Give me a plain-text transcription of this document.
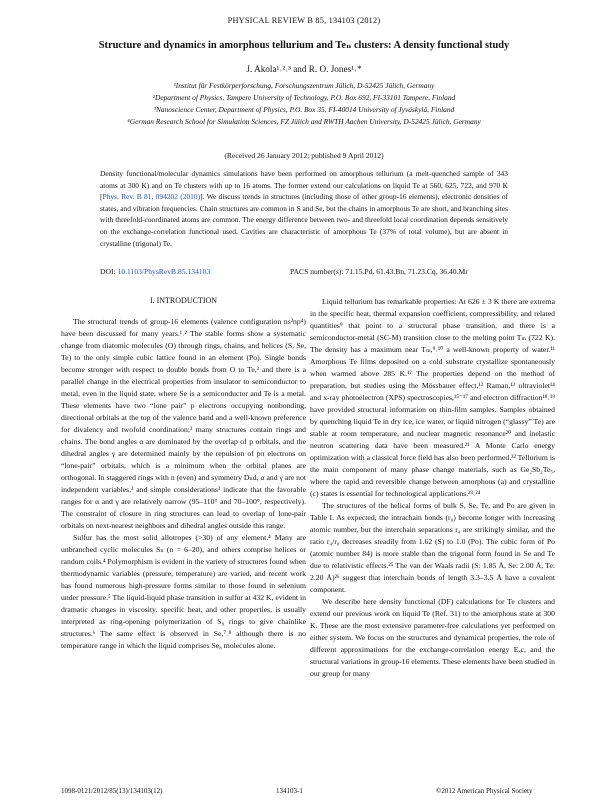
PHYSICAL REVIEW B 85, 134103 (2012)
Structure and dynamics in amorphous tellurium and Teₙ clusters: A density functional study
J. Akola¹˒²˒³ and R. O. Jones¹˒*
¹Institut für Festkörperforschung, Forschungszentrum Jülich, D-52425 Jülich, Germany
²Department of Physics, Tampere University of Technology, P.O. Box 692, FI-33101 Tampere, Finland
³Nanoscience Center, Department of Physics, P.O. Box 35, FI-40014 University of Jyväskylä, Finland
⁴German Research School for Simulation Sciences, FZ Jülich and RWTH Aachen University, D-52425 Jülich, Germany
(Received 26 January 2012; published 9 April 2012)
Density functional/molecular dynamics simulations have been performed on amorphous tellurium (a melt-quenched sample of 343 atoms at 300 K) and on Te clusters with up to 16 atoms. The former extend our calculations on liquid Te at 560, 625, 722, and 970 K [Phys. Rev. B 81, 094202 (2010)]. We discuss trends in structures (including those of other group-16 elements), electronic densities of states, and vibration frequencies. Chain structures are common in S and Se, but the chains in amorphous Te are short, and branching sites with threefold-coordinated atoms are common. The energy difference between two- and threefold local coordination depends sensitively on the exchange-correlation functional used. Cavities are characteristic of amorphous Te (37% of total volume), but are absent in crystalline (trigonal) Te.
DOI: 10.1103/PhysRevB.85.134103	PACS number(s): 71.15.Pd, 61.43.Bn, 71.23.Cq, 36.40.Mr
I. INTRODUCTION

The structural trends of group-16 elements (valence configuration ns²np⁴) have been discussed for many years.¹˒² The stable forms show a systematic change from diatomic molecules (O) through rings, chains, and helices (S, Se, Te) to the only simple cubic lattice found in an element (Po). Single bonds become stronger with respect to double bonds from O to Te,² and there is a parallel change in the electrical properties from insulator to semiconductor to metal, even in the liquid state, where Se is a semiconductor and Te is a metal. These elements have two “lone pair” p electrons occupying nonbonding, directional orbitals at the top of the valence band and a well-known preference for divalency and twofold coordination;³ many structures contain rings and chains. The bond angles α are dominated by the overlap of p orbitals, and the dihedral angles γ are determined mainly by the repulsion of pπ electrons on “lone-pair” orbitals, which is a minimum when the orbital planes are orthogonal. In staggered rings with n (even) and symmetry Dₙd, α and γ are not independent variables,³ and simple considerations³ indicate that the favorable ranges for α and γ are relatively narrow (95–110° and 70–100°, respectively). The constraint of closure in ring structures can lead to overlap of lone-pair orbitals on next-nearest neighbors and dihedral angles outside this range.

Sulfur has the most solid allotropes (>30) of any element.⁴ Many are unbranched cyclic molecules Sₙ (n = 6–20), and others comprise helices or random coils.⁴ Polymorphism is evident in the variety of structures found when thermodynamic variables (pressure, temperature) are varied, and recent work has found numerous high-pressure forms similar to those found in selenium under pressure.⁵ The liquid-liquid phase transition in sulfur at 432 K, evident in dramatic changes in viscosity, specific heat, and other properties, is usually interpreted as ring-opening polymerization of S₈ rings to give chainlike structures.⁶ The same effect is observed in Se,⁷˒⁸ although there is no temperature range in which the liquid comprises Se₈ molecules alone.

Liquid tellurium has remarkable properties: At 626 ± 3 K there are extrema in the specific heat, thermal expansion coefficient, compressibility, and related quantities⁹ that point to a structural phase transition, and there is a semiconductor-metal (SC-M) transition close to the melting point Tₘ (722 K). The density has a maximum near Tₘ,⁹˒¹⁰ a well-known property of water.¹¹ Amorphous Te films deposited on a cold substrate crystallize spontaneously when warmed above 285 K.¹² The properties depend on the method of preparation, but studies using the Mössbauer effect,¹² Raman,¹³ ultraviolet¹⁴ and x-ray photoelectron (XPS) spectroscopies,¹⁵⁻¹⁷ and electron diffraction¹⁸˒¹⁹ have provided structural information on thin-film samples. Samples obtained by quenching liquid Te in dry ice, ice water, or liquid nitrogen (“glassy” Te) are stable at room temperature, and nuclear magnetic resonance²⁰ and inelastic neutron scattering data have been measured.²¹ A Monte Carlo energy optimization with a classical force field has also been performed.²² Tellurium is the main component of many phase change materials, such as Ge₂Sb₂Te₅, where the rapid and reversible change between amorphous (a) and crystalline (c) states is essential for technological applications.²³˒²⁴

The structures of the helical forms of bulk S, Se, Te, and Po are given in Table I. As expected, the intrachain bonds (r₀) become longer with increasing atomic number, but the interchain separations r₄ are strikingly similar, and the ratio r₄/r₀ decreases steadily from 1.62 (S) to 1.0 (Po). The cubic form of Po (atomic number 84) is more stable than the trigonal form found in Se and Te due to relativistic effects.²⁵ The van der Waals radii (S: 1.85 Å, Se: 2.00 Å, Te: 2.20 Å)²⁶ suggest that interchain bonds of length 3.3–3.5 Å have a covalent component.

We describe here density functional (DF) calculations for Te clusters and extend our previous work on liquid Te (Ref. 31) to the amorphous state at 300 K. These are the most extensive parameter-free calculations yet performed on either system. We focus on the structures and dynamical properties, the role of different approximations for the exchange-correlation energy Eₓc, and the structural variations in group-16 elements. These elements have been studied in our group for many

1098-0121/2012/85(13)/134103(12)	134103-1	©2012 American Physical Society
